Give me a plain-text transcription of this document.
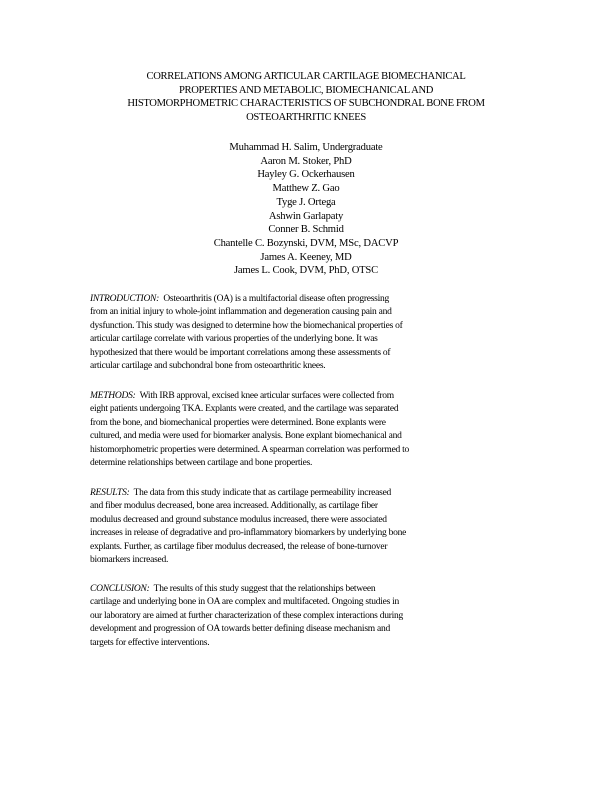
CORRELATIONS AMONG ARTICULAR CARTILAGE BIOMECHANICAL
PROPERTIES AND METABOLIC, BIOMECHANICAL AND
HISTOMORPHOMETRIC CHARACTERISTICS OF SUBCHONDRAL BONE FROM
OSTEOARTHRITIC KNEES
Muhammad H. Salim, Undergraduate
Aaron M. Stoker, PhD
Hayley G. Ockerhausen
Matthew Z. Gao
Tyge J. Ortega
Ashwin Garlapaty
Conner B. Schmid
Chantelle C. Bozynski, DVM, MSc, DACVP
James A. Keeney, MD
James L. Cook, DVM, PhD, OTSC

INTRODUCTION: Osteoarthritis (OA) is a multifactorial disease often progressing
from an initial injury to whole-joint inflammation and degeneration causing pain and
dysfunction. This study was designed to determine how the biomechanical properties of
articular cartilage correlate with various properties of the underlying bone. It was
hypothesized that there would be important correlations among these assessments of
articular cartilage and subchondral bone from osteoarthritic knees.

METHODS: With IRB approval, excised knee articular surfaces were collected from
eight patients undergoing TKA. Explants were created, and the cartilage was separated
from the bone, and biomechanical properties were determined. Bone explants were
cultured, and media were used for biomarker analysis. Bone explant biomechanical and
histomorphometric properties were determined. A spearman correlation was performed to
determine relationships between cartilage and bone properties.

RESULTS: The data from this study indicate that as cartilage permeability increased
and fiber modulus decreased, bone area increased. Additionally, as cartilage fiber
modulus decreased and ground substance modulus increased, there were associated
increases in release of degradative and pro-inflammatory biomarkers by underlying bone
explants. Further, as cartilage fiber modulus decreased, the release of bone-turnover
biomarkers increased.

CONCLUSION: The results of this study suggest that the relationships between
cartilage and underlying bone in OA are complex and multifaceted. Ongoing studies in
our laboratory are aimed at further characterization of these complex interactions during
development and progression of OA towards better defining disease mechanism and
targets for effective interventions.
